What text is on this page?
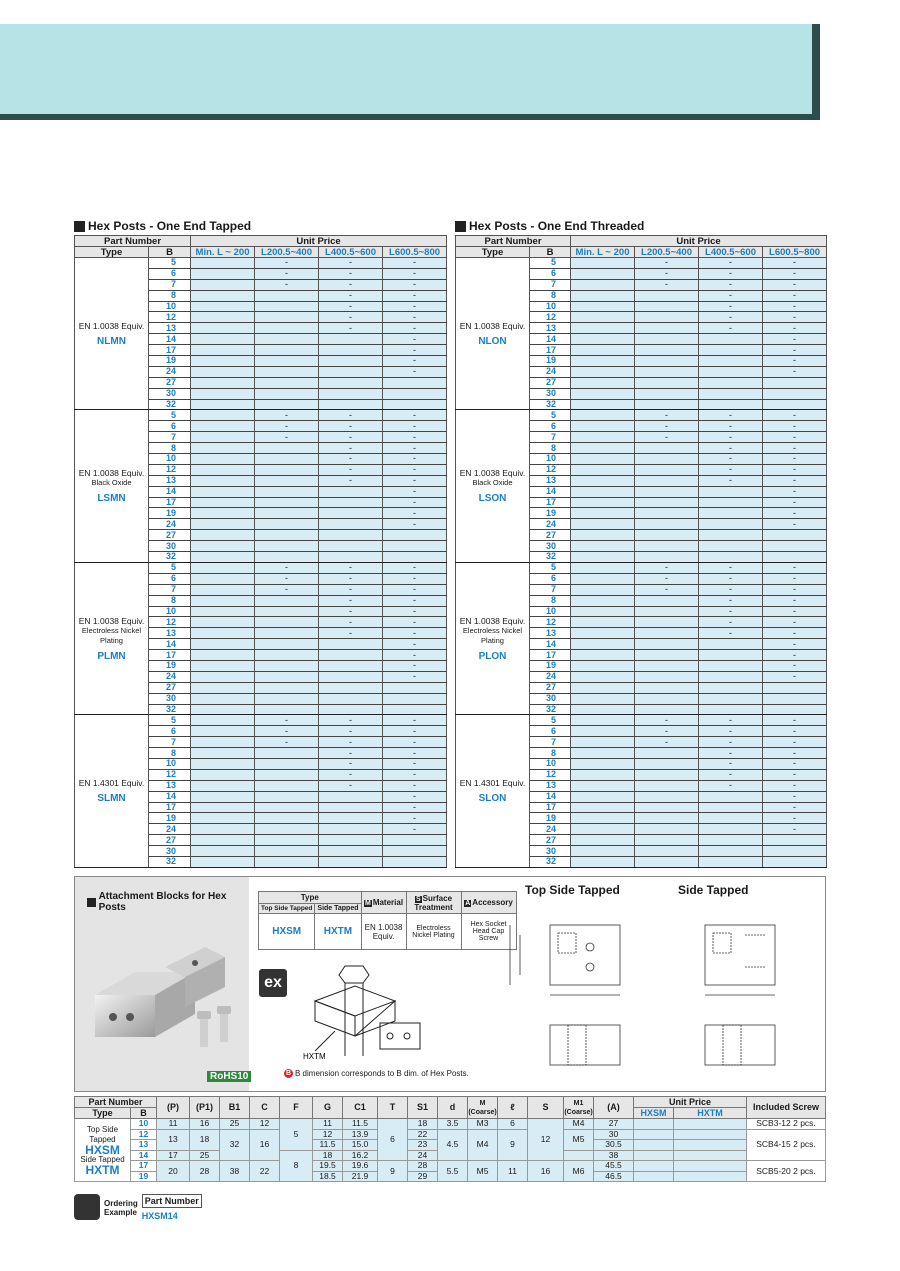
Hex Posts - One End Tapped
Part Number		Unit Price			
Type	B	Min. L ~ 200	L200.5~400	L400.5~600	L600.5~800
EN 1.0038 Equiv.
NLMN	5		-	-	-
	6		-	-	-
	7		-	-	-
	8			-	-
	10			-	-
	12			-	-
	13			-	-
	14				-
	17				-
	19				-
	24				-
	27				
	30				
	32				
EN 1.0038 Equiv.
Black Oxide
LSMN	5		-	-	-
	6		-	-	-
	7		-	-	-
	8			-	-
	10			-	-
	12			-	-
	13			-	-
	14				-
	17				-
	19				-
	24				-
	27				
	30				
	32				
EN 1.0038 Equiv.
Electroless Nickel Plating
PLMN	5		-	-	-
	6		-	-	-
	7		-	-	-
	8			-	-
	10			-	-
	12			-	-
	13			-	-
	14				-
	17				-
	19				-
	24				-
	27				
	30				
	32				
EN 1.4301 Equiv.
SLMN	5		-	-	-
	6		-	-	-
	7		-	-	-
	8			-	-
	10			-	-
	12			-	-
	13			-	-
	14				-
	17				-
	19				-
	24				-
	27				
	30				
	32				
Hex Posts - One End Threaded
Part Number		Unit Price			
Type	B	Min. L ~ 200	L200.5~400	L400.5~600	L600.5~800
EN 1.0038 Equiv.
NLON	5		-	-	-
	6		-	-	-
	7		-	-	-
	8			-	-
	10			-	-
	12			-	-
	13			-	-
	14				-
	17				-
	19				-
	24				-
	27				
	30				
	32				
EN 1.0038 Equiv.
Black Oxide
LSON	5		-	-	-
	6		-	-	-
	7		-	-	-
	8			-	-
	10			-	-
	12			-	-
	13			-	-
	14				-
	17				-
	19				-
	24				-
	27				
	30				
	32				
EN 1.0038 Equiv.
Electroless Nickel Plating
PLON	5		-	-	-
	6		-	-	-
	7		-	-	-
	8			-	-
	10			-	-
	12			-	-
	13			-	-
	14				-
	17				-
	19				-
	24				-
	27				
	30				
	32				
EN 1.4301 Equiv.
SLON	5		-	-	-
	6		-	-	-
	7		-	-	-
	8			-	-
	10			-	-
	12			-	-
	13			-	-
	14				-
	17				-
	19				-
	24				-
	27				
	30				
	32				
Attachment Blocks for Hex Posts
RoHS10
Type		M Material	S Surface Treatment	A Accessory
Top Side Tapped	Side Tapped			
HXSM	HXTM	EN 1.0038 Equiv.	Electroless Nickel Plating	Hex Socket Head Cap Screw
ex
HXTM
B B dimension corresponds to B dim. of Hex Posts.
Top Side Tapped	Side Tapped
Part Number		(P)	(P1)	B1	C	F	G	C1	T	S1	d	M (Coarse)	ℓ	S	M1 (Coarse)	(A)	Unit Price		Included Screw
Type	B																HXSM	HXTM	
Top Side Tapped
HXSM
Side Tapped
HXTM	10	11	16	25	12	5	11	11.5	6	18	3.5	M3	6	12	M4	27			SCB3-12 2 pcs.
	12	13	18	32	16		12	13.9		22	4.5	M4	9		M5	30			SCB4-15 2 pcs.
	13						11.5	15.0		23						30.5			
	14	17	25			8	18	16.2		24						38			
	17	20	28	38	22		19.5	19.6	9	28	5.5	M5	11	16	M6	45.5			SCB5-20 2 pcs.
	19						18.5	21.9		29						46.5			
Ordering
Example
Part Number
HXSM14
